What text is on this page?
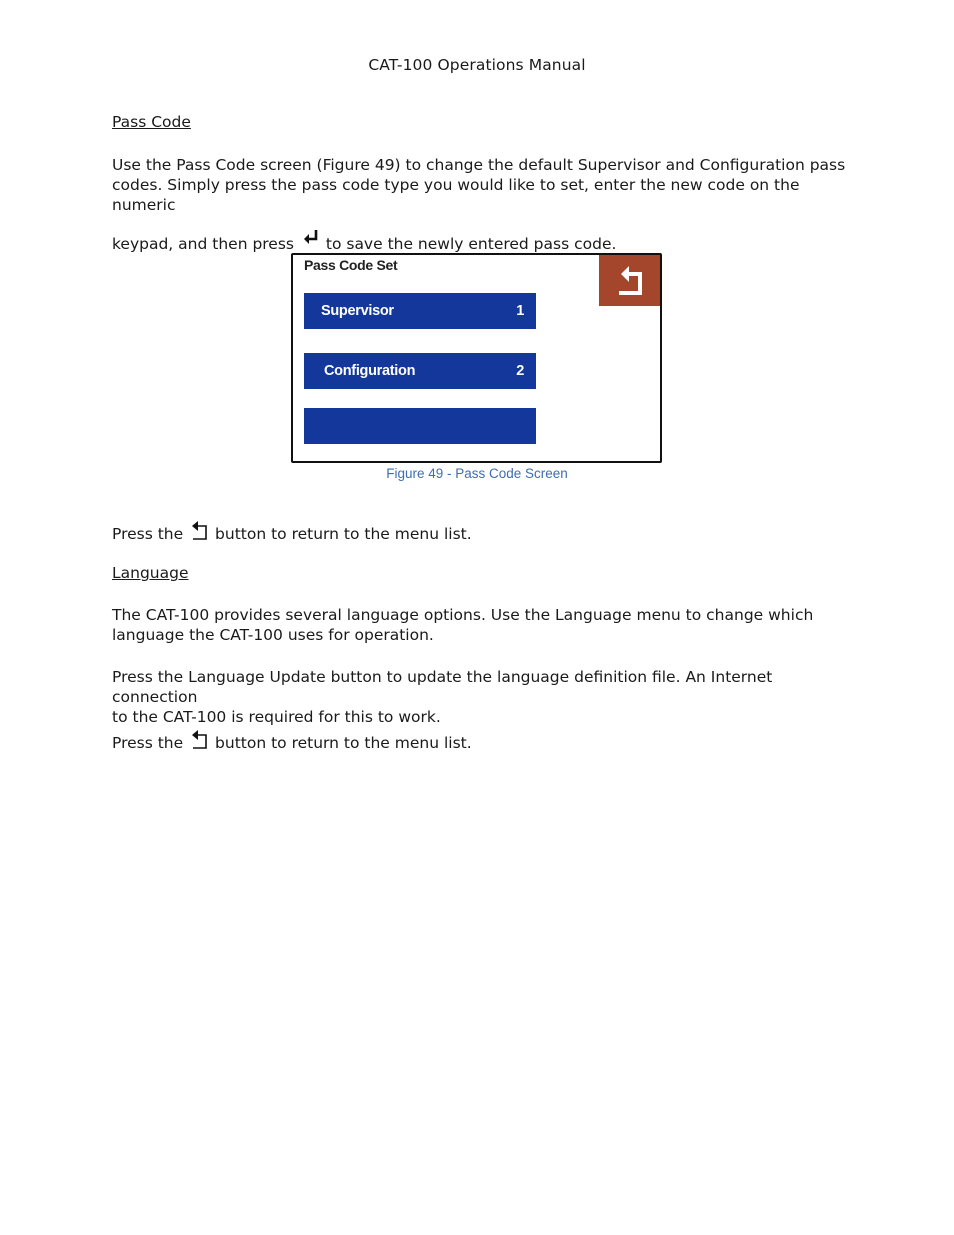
CAT-100 Operations Manual
Pass Code
Use the Pass Code screen (Figure 49) to change the default Supervisor and Configuration pass
codes. Simply press the pass code type you would like to set, enter the new code on the numeric
keypad, and then press  to save the newly entered pass code.
Pass Code Set
Supervisor	1
Configuration	2
Figure 49 - Pass Code Screen
Press the  button to return to the menu list.
Language
The CAT-100 provides several language options. Use the Language menu to change which
language the CAT-100 uses for operation.
Press the Language Update button to update the language definition file. An Internet connection
to the CAT-100 is required for this to work.
Press the  button to return to the menu list.
